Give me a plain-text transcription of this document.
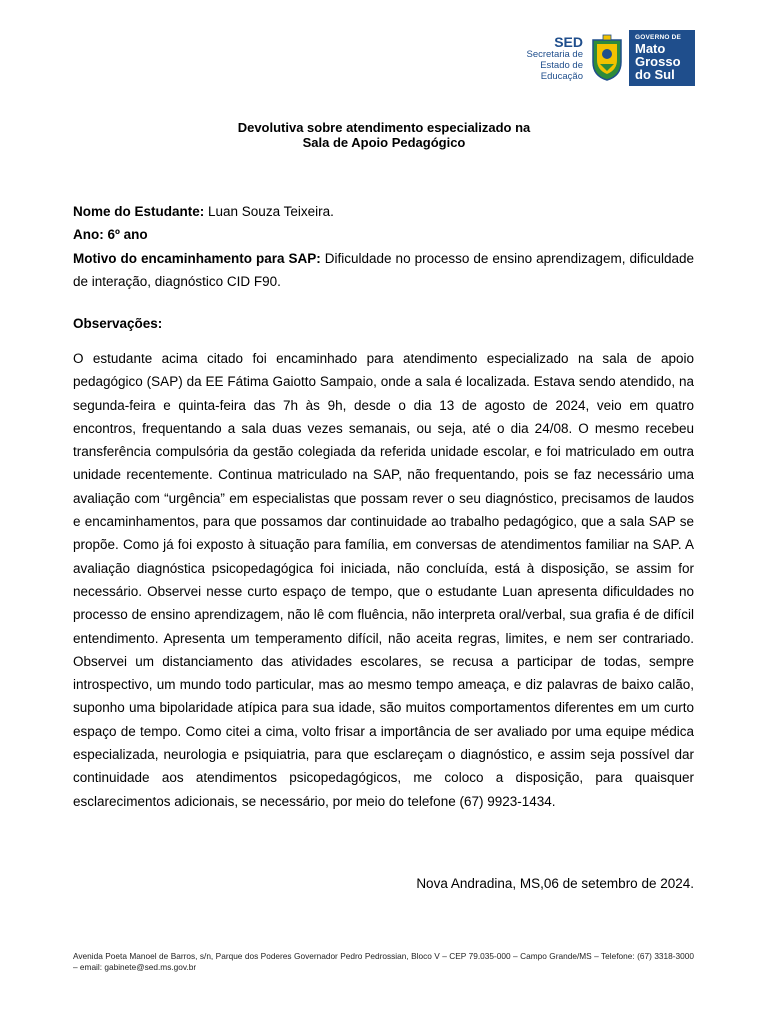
SED
Secretaria de
Estado de
Educação
GOVERNO DE
Mato
Grosso
do Sul
Devolutiva sobre atendimento especializado na
Sala de Apoio Pedagógico

Nome do Estudante: Luan Souza Teixeira.

Ano: 6º ano

Motivo do encaminhamento para SAP: Dificuldade no processo de ensino aprendizagem, dificuldade de interação, diagnóstico CID F90.

Observações:

O estudante acima citado foi encaminhado para atendimento especializado na sala de apoio pedagógico (SAP) da EE Fátima Gaiotto Sampaio, onde a sala é localizada. Estava sendo atendido, na segunda-feira e quinta-feira das 7h às 9h, desde o dia 13 de agosto de 2024, veio em quatro encontros, frequentando a sala duas vezes semanais, ou seja, até o dia 24/08. O mesmo recebeu transferência compulsória da gestão colegiada da referida unidade escolar, e foi matriculado em outra unidade recentemente. Continua matriculado na SAP, não frequentando, pois se faz necessário uma avaliação com “urgência” em especialistas que possam rever o seu diagnóstico, precisamos de laudos e encaminhamentos, para que possamos dar continuidade ao trabalho pedagógico, que a sala SAP se propõe. Como já foi exposto à situação para família, em conversas de atendimentos familiar na SAP. A avaliação diagnóstica psicopedagógica foi iniciada, não concluída, está à disposição, se assim for necessário. Observei nesse curto espaço de tempo, que o estudante Luan apresenta dificuldades no processo de ensino aprendizagem, não lê com fluência, não interpreta oral/verbal, sua grafia é de difícil entendimento. Apresenta um temperamento difícil, não aceita regras, limites, e nem ser contrariado. Observei um distanciamento das atividades escolares, se recusa a participar de todas, sempre introspectivo, um mundo todo particular, mas ao mesmo tempo ameaça, e diz palavras de baixo calão, suponho uma bipolaridade atípica para sua idade, são muitos comportamentos diferentes em um curto espaço de tempo. Como citei a cima, volto frisar a importância de ser avaliado por uma equipe médica especializada, neurologia e psiquiatria, para que esclareçam o diagnóstico, e assim seja possível dar continuidade aos atendimentos psicopedagógicos, me coloco a disposição, para quaisquer esclarecimentos adicionais, se necessário, por meio do telefone (67) 9923-1434.

Nova Andradina, MS,06 de setembro de 2024.
Avenida Poeta Manoel de Barros, s/n, Parque dos Poderes Governador Pedro Pedrossian, Bloco V – CEP 79.035-000 – Campo Grande/MS – Telefone: (67) 3318-3000 – email: gabinete@sed.ms.gov.br
